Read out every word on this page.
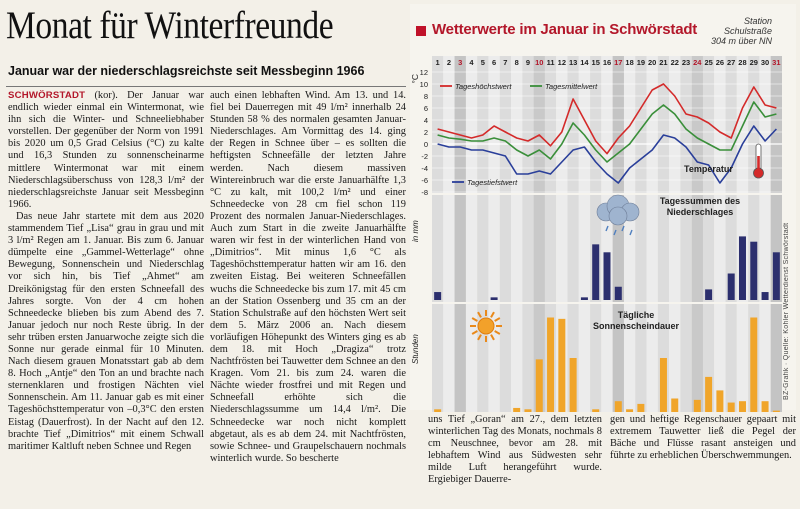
Monat für Winterfreunde
Januar war der niederschlagsreichste seit Messbeginn 1966

SCHWÖRSTADT (kor). Der Januar war endlich wieder einmal ein Wintermonat, wie ihn sich die Winter- und Schneeliebhaber vorstellen. Der gegenüber der Norm von 1991 bis 2020 um 0,5 Grad Celsius (°C) zu kalte und 16,3 Stunden zu sonnenscheinarme mittlere Wintermonat war mit einem Niederschlagsüberschuss von 128,3 l/m² der niederschlagsreichste Januar seit Messbeginn 1966.

Das neue Jahr startete mit dem aus 2020 stammendem Tief „Lisa“ grau in grau und mit 3 l/m² Regen am 1. Januar. Bis zum 6. Januar dümpelte eine „Gammel-Wetterlage“ ohne Bewegung, Sonnenschein und Niederschlag vor sich hin, bis Tief „Ahmet“ am Dreikönigstag für den ersten Schneefall des Jahres sorgte. Von der 4 cm hohen Schneedecke blieben bis zum Abend des 7. Januar jedoch nur noch Reste übrig. In der sehr trüben ersten Januarwoche zeigte sich die Sonne nur gerade einmal für 10 Minuten. Nach diesem grauen Monatsstart gab ab dem 8. Hoch „Antje“ den Ton an und brachte nach sternenklaren und frostigen Nächten viel Sonnenschein. Am 11. Januar gab es mit einer Tageshöchsttemperatur von –0,3°C den ersten Eistag (Dauerfrost). In der Nacht auf den 12. brachte Tief „Dimitrios“ mit einem Schwall maritimer Kaltluft neben Schnee und Regen

auch einen lebhaften Wind. Am 13. und 14. fiel bei Dauerregen mit 49 l/m² innerhalb 24 Stunden 58 % des normalen gesamten Januar-Niederschlages. Am Vormittag des 14. ging der Regen in Schnee über – es sollten die heftigsten Schneefälle der letzten Jahre werden. Nach diesem massiven Wintereinbruch war die erste Januarhälfte 1,3 °C zu kalt, mit 100,2 l/m² und einer Schneedecke von 28 cm fiel schon 119 Prozent des normalen Januar-Niederschlages. Auch zum Start in die zweite Januarhälfte waren wir fest in der winterlichen Hand von „Dimitrios“. Mit minus 1,6 °C als Tageshöchsttemperatur hatten wir am 16. den zweiten Eistag. Bei weiteren Schneefällen wuchs die Schneedecke bis zum 17. mit 45 cm an der Station Ossenberg und 35 cm an der Station Schulstraße auf den höchsten Wert seit dem 5. März 2006 an. Nach diesem vorläufigen Höhepunkt des Winters ging es ab dem 18. mit Hoch „Dragiza“ trotz Nachtfrösten bei Tauwetter dem Schnee an den Kragen. Vom 21. bis zum 24. waren die Nächte wieder frostfrei und mit Regen und Schneefall erhöhte sich die Niederschlagssumme um 14,4 l/m². Die Schneedecke war noch nicht komplett abgetaut, als es ab dem 24. mit Nachtfrösten, sowie Schnee- und Graupelschauern nochmals winterlich wurde. So bescherte

uns Tief „Goran“ am 27., dem letzten winterlichen Tag des Monats, nochmals 8 cm Neuschnee, bevor am 28. mit lebhaftem Wind aus Südwesten sehr milde Luft herangeführt wurde. Ergiebiger Dauerre-

gen und heftige Regenschauer gepaart mit extremem Tauwetter ließ die Pegel der Bäche und Flüsse rasant ansteigen und führte zu erheblichen Überschwemmungen.

Wetterwerte im Januar in Schwörstadt	Station
Schulstraße
304 m über NN
BZ-Grafik · Quelle: Kohler Wetterdienst Schwörstadt
1 2 3 4 5 6 7 8 9 10 11 12 13 14 15 16 17 18 19 20 21 22 23 24 25 26 27 28 29 30 31
-8
-6
-4
-2
0
2
4
6
8
10
12
°C
Tageshöchstwert	Tagesmittelwert
Tagestiefstwert
Temperatur
in mm
Tagessummen des
Niederschlages
Stunden
Tägliche
Sonnenscheindauer
